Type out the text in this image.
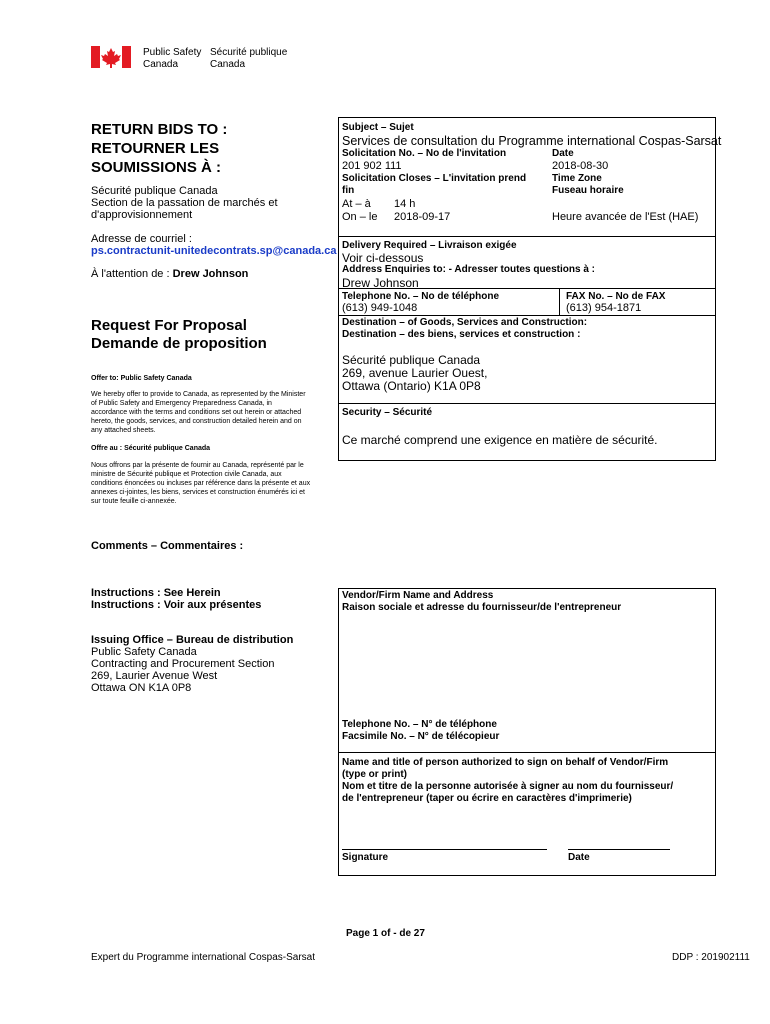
Public Safety
Canada
Sécurité publique
Canada
RETURN BIDS TO :
RETOURNER LES
SOUMISSIONS À :
Sécurité publique Canada
Section de la passation de marchés et
d'approvisionnement
Adresse de courriel :
ps.contractunit-unitedecontrats.sp@canada.ca
À l'attention de : Drew Johnson
Request For Proposal
Demande de proposition
Offer to: Public Safety Canada
We hereby offer to provide to Canada, as represented by the Minister
of Public Safety and Emergency Preparedness Canada, in
accordance with the terms and conditions set out herein or attached
hereto, the goods, services, and construction detailed herein and on
any attached sheets.
Offre au : Sécurité publique Canada
Nous offrons par la présente de fournir au Canada, représenté par le
ministre de Sécurité publique et Protection civile Canada, aux
conditions énoncées ou incluses par référence dans la présente et aux
annexes ci-jointes, les biens, services et construction énumérés ici et
sur toute feuille ci-annexée.
Comments – Commentaires :
Instructions : See Herein
Instructions : Voir aux présentes
Issuing Office – Bureau de distribution
Public Safety Canada
Contracting and Procurement Section
269, Laurier Avenue West
Ottawa ON K1A 0P8
Subject – Sujet
Services de consultation du Programme international Cospas-Sarsat
Solicitation No. – No de l'invitation
201 902 111
Date
2018-08-30
Solicitation Closes – L'invitation prend
fin
At – à 14 h
On – le 2018-09-17
Time Zone
Fuseau horaire
Heure avancée de l'Est (HAE)
Delivery Required – Livraison exigée
Voir ci-dessous
Address Enquiries to: - Adresser toutes questions à :
Drew Johnson
Telephone No. – No de téléphone
(613) 949-1048
FAX No. – No de FAX
(613) 954-1871
Destination – of Goods, Services and Construction:
Destination – des biens, services et construction :
Sécurité publique Canada
269, avenue Laurier Ouest,
Ottawa (Ontario) K1A 0P8
Security – Sécurité
Ce marché comprend une exigence en matière de sécurité.
Vendor/Firm Name and Address
Raison sociale et adresse du fournisseur/de l'entrepreneur
Telephone No. – N° de téléphone
Facsimile No. – N° de télécopieur
Name and title of person authorized to sign on behalf of Vendor/Firm
(type or print)
Nom et titre de la personne autorisée à signer au nom du fournisseur/
de l'entrepreneur (taper ou écrire en caractères d'imprimerie)
Signature	Date
Page 1 of - de 27
Expert du Programme international Cospas-Sarsat	DDP : 201902111
